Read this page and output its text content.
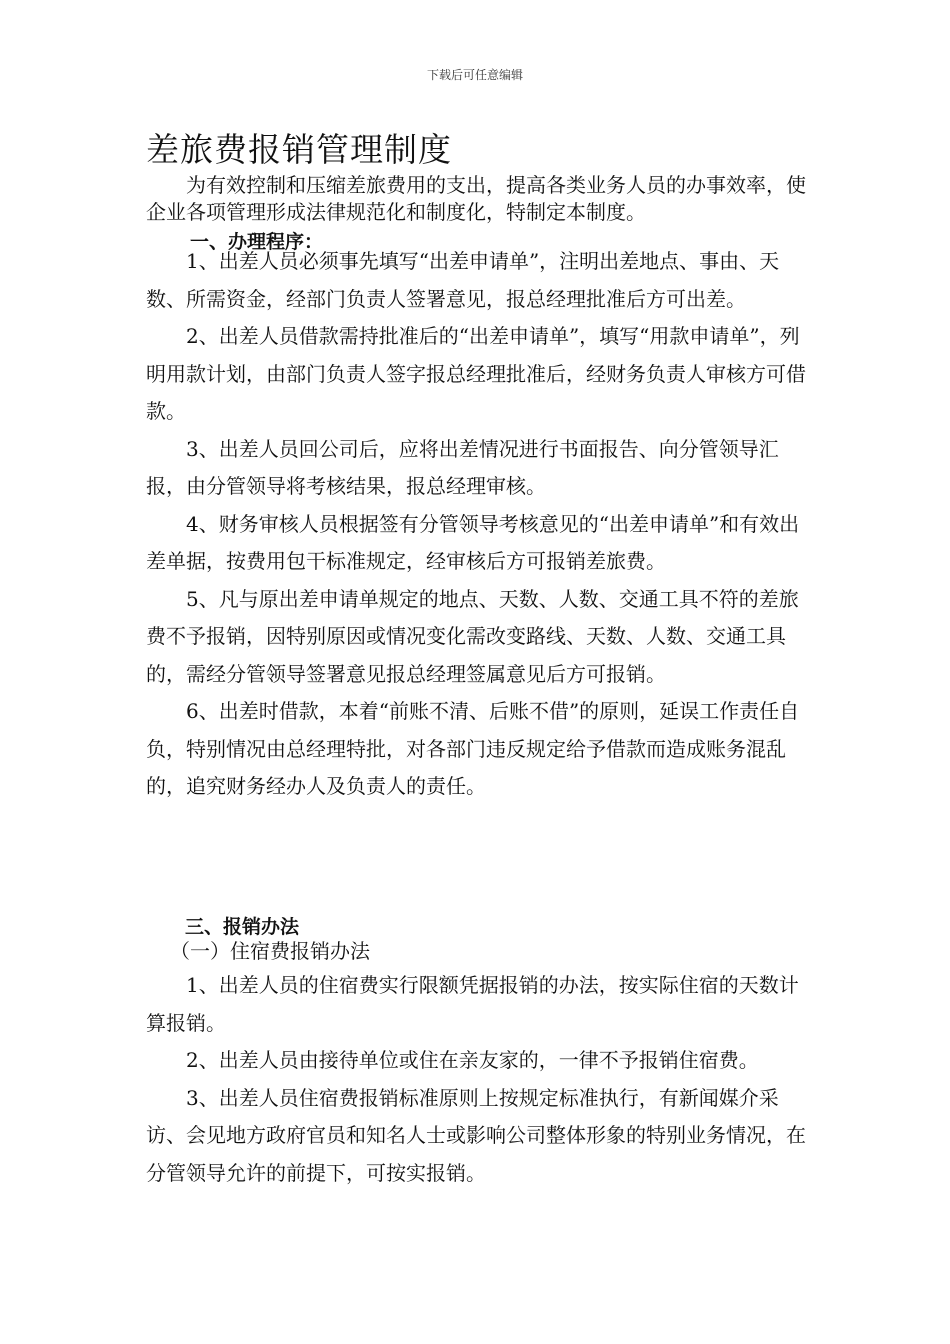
下载后可任意编辑
差旅费报销管理制度

为有效控制和压缩差旅费用的支出，提高各类业务人员的办事效率，使企业各项管理形成法律规范化和制度化，特制定本制度。

一、办理程序：

1、出差人员必须事先填写“出差申请单”，注明出差地点、事由、天数、所需资金，经部门负责人签署意见，报总经理批准后方可出差。

2、出差人员借款需持批准后的“出差申请单”，填写“用款申请单”，列明用款计划，由部门负责人签字报总经理批准后，经财务负责人审核方可借款。

3、出差人员回公司后，应将出差情况进行书面报告、向分管领导汇报，由分管领导将考核结果，报总经理审核。

4、财务审核人员根据签有分管领导考核意见的“出差申请单”和有效出差单据，按费用包干标准规定，经审核后方可报销差旅费。

5、凡与原出差申请单规定的地点、天数、人数、交通工具不符的差旅费不予报销，因特别原因或情况变化需改变路线、天数、人数、交通工具的，需经分管领导签署意见报总经理签属意见后方可报销。

6、出差时借款，本着“前账不清、后账不借”的原则，延误工作责任自负，特别情况由总经理特批，对各部门违反规定给予借款而造成账务混乱的，追究财务经办人及负责人的责任。

三、报销办法
（一）住宿费报销办法

1、出差人员的住宿费实行限额凭据报销的办法，按实际住宿的天数计算报销。

2、出差人员由接待单位或住在亲友家的，一律不予报销住宿费。

3、出差人员住宿费报销标准原则上按规定标准执行，有新闻媒介采访、会见地方政府官员和知名人士或影响公司整体形象的特别业务情况，在分管领导允许的前提下，可按实报销。
